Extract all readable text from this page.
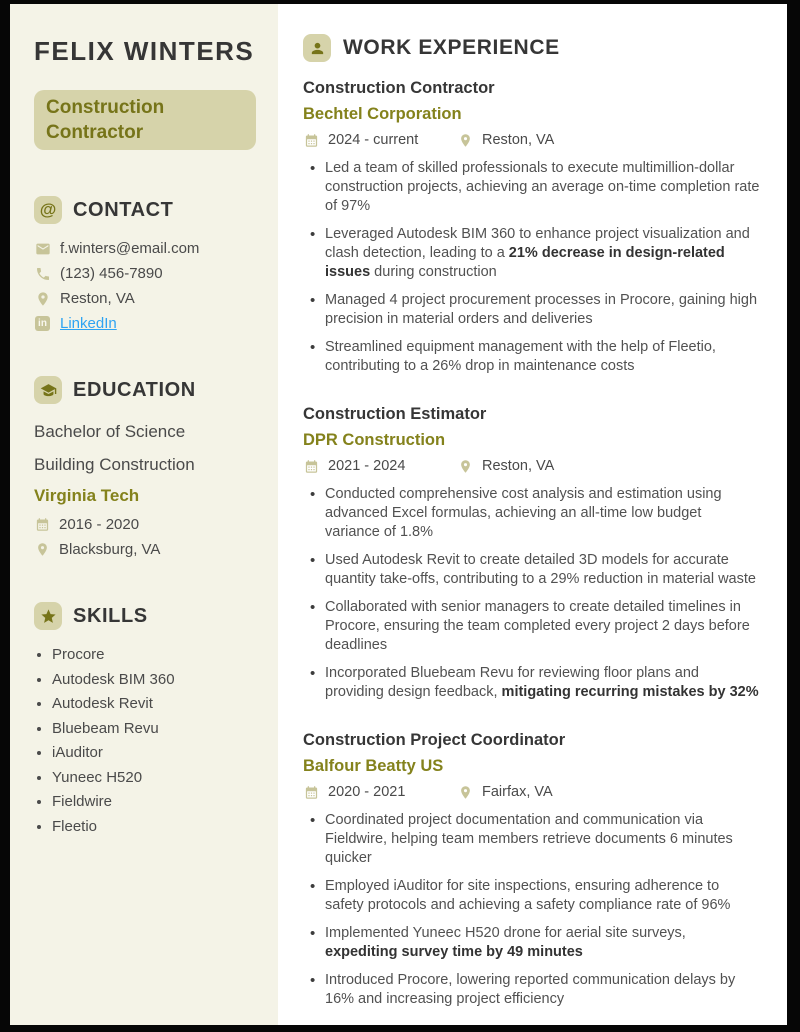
FELIX WINTERS
Construction Contractor
@ CONTACT
f.winters@email.com
(123) 456-7890
Reston, VA
in LinkedIn
EDUCATION

Bachelor of Science

Building Construction

Virginia Tech

2016 - 2020
Blacksburg, VA
SKILLS
• Procore
• Autodesk BIM 360
• Autodesk Revit
• Bluebeam Revu
• iAuditor
• Yuneec H520
• Fieldwire
• Fleetio
WORK EXPERIENCE
Construction Contractor
Bechtel Corporation
2024 - current	Reston, VA
• Led a team of skilled professionals to execute multimillion-dollar construction projects, achieving an average on-time completion rate of 97%
• Leveraged Autodesk BIM 360 to enhance project visualization and clash detection, leading to a 21% decrease in design-related issues during construction
• Managed 4 project procurement processes in Procore, gaining high precision in material orders and deliveries
• Streamlined equipment management with the help of Fleetio, contributing to a 26% drop in maintenance costs
Construction Estimator
DPR Construction
2021 - 2024	Reston, VA
• Conducted comprehensive cost analysis and estimation using advanced Excel formulas, achieving an all-time low budget variance of 1.8%
• Used Autodesk Revit to create detailed 3D models for accurate quantity take-offs, contributing to a 29% reduction in material waste
• Collaborated with senior managers to create detailed timelines in Procore, ensuring the team completed every project 2 days before deadlines
• Incorporated Bluebeam Revu for reviewing floor plans and providing design feedback, mitigating recurring mistakes by 32%
Construction Project Coordinator
Balfour Beatty US
2020 - 2021	Fairfax, VA
• Coordinated project documentation and communication via Fieldwire, helping team members retrieve documents 6 minutes quicker
• Employed iAuditor for site inspections, ensuring adherence to safety protocols and achieving a safety compliance rate of 96%
• Implemented Yuneec H520 drone for aerial site surveys, expediting survey time by 49 minutes
• Introduced Procore, lowering reported communication delays by 16% and increasing project efficiency
